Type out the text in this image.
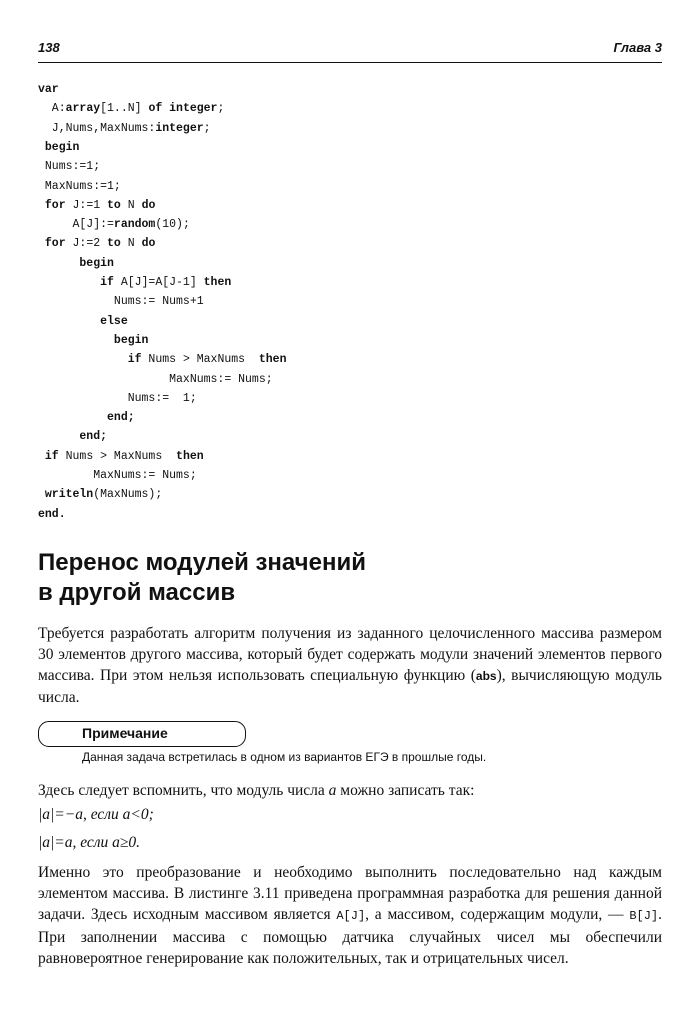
138	Глава 3
var
A:array[1..N] of integer;
J,Nums,MaxNums:integer;
begin
Nums:=1;
MaxNums:=1;
for J:=1 to N do
A[J]:=random(10);
for J:=2 to N do
begin
if A[J]=A[J-1] then
Nums:= Nums+1
else
begin
if Nums > MaxNums  then
MaxNums:= Nums;
Nums:=  1;
end;
end;
if Nums > MaxNums  then
MaxNums:= Nums;
writeln(MaxNums);
end.
Перенос модулей значений
в другой массив

Требуется разработать алгоритм получения из заданного целочисленного массива размером 30 элементов другого массива, который будет содержать модули значений элементов первого массива. При этом нельзя использовать специальную функцию (abs), вычисляющую модуль числа.

Примечание
Данная задача встретилась в одном из вариантов ЕГЭ в прошлые годы.

Здесь следует вспомнить, что модуль числа a можно записать так:

|a|=−a, если a<0;
|a|=a, если a≥0.

Именно это преобразование и необходимо выполнить последовательно над каждым элементом массива. В листинге 3.11 приведена программная разработка для решения данной задачи. Здесь исходным массивом является A[J], а массивом, содержащим модули, — B[J]. При заполнении массива с помощью датчика случайных чисел мы обеспечили равновероятное генерирование как положительных, так и отрицательных чисел.
